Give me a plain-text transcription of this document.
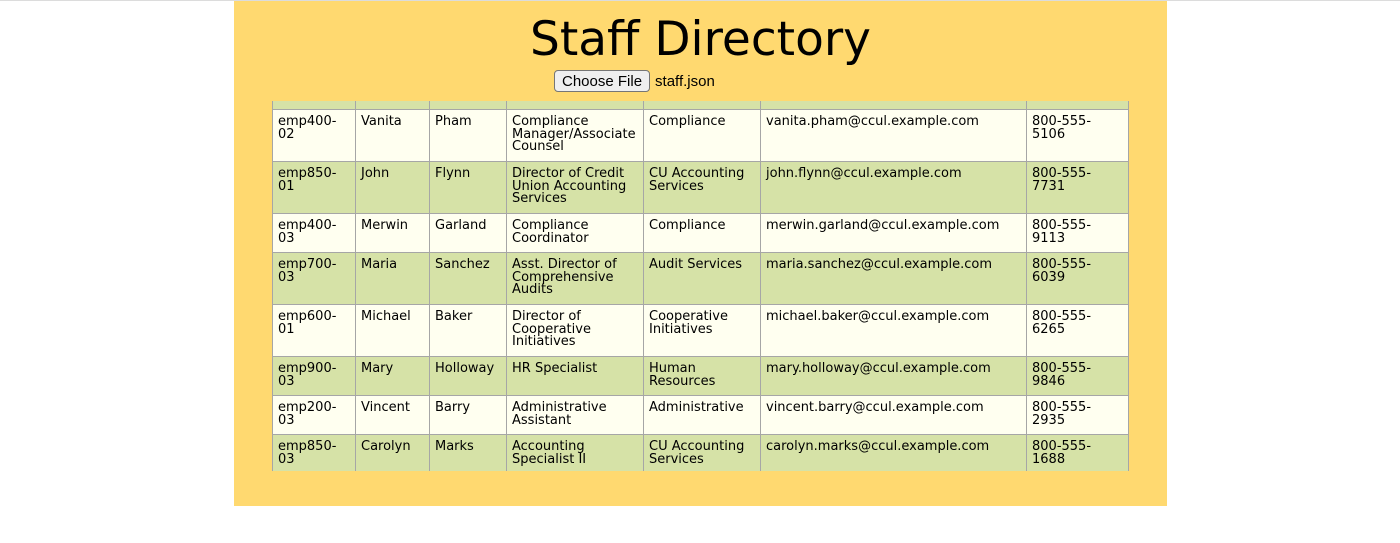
Staff Directory
Choose File staff.json

emp400-02	Vanita	Pham	Compliance Manager/Associate Counsel	Compliance	vanita.pham@ccul.example.com	800-555-5106
emp850-01	John	Flynn	Director of Credit Union Accounting Services	CU Accounting Services	john.flynn@ccul.example.com	800-555-7731
emp400-03	Merwin	Garland	Compliance Coordinator	Compliance	merwin.garland@ccul.example.com	800-555-9113
emp700-03	Maria	Sanchez	Asst. Director of Comprehensive Audits	Audit Services	maria.sanchez@ccul.example.com	800-555-6039
emp600-01	Michael	Baker	Director of Cooperative Initiatives	Cooperative Initiatives	michael.baker@ccul.example.com	800-555-6265
emp900-03	Mary	Holloway	HR Specialist	Human Resources	mary.holloway@ccul.example.com	800-555-9846
emp200-03	Vincent	Barry	Administrative Assistant	Administrative	vincent.barry@ccul.example.com	800-555-2935
emp850-03	Carolyn	Marks	Accounting Specialist II	CU Accounting Services	carolyn.marks@ccul.example.com	800-555-1688
